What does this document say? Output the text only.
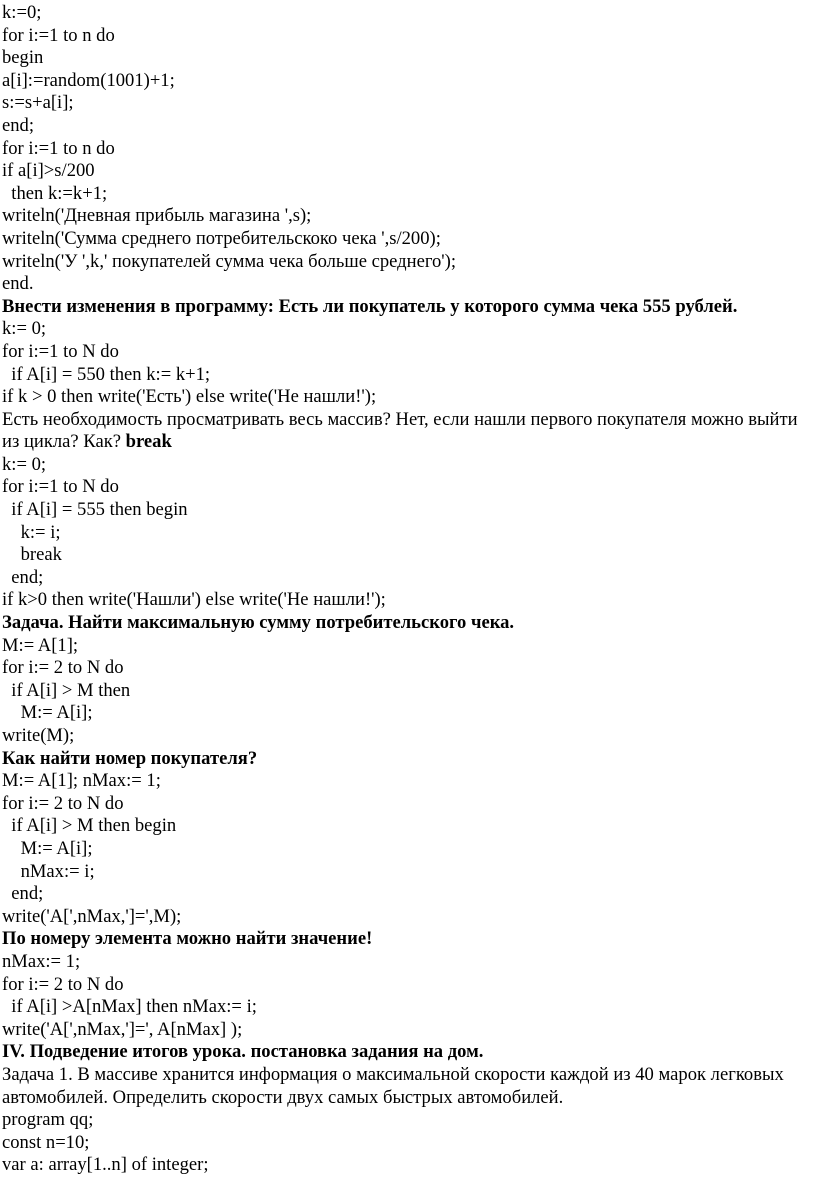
k:=0;
for i:=1 to n do
begin
a[i]:=random(1001)+1;
s:=s+a[i];
end;
for i:=1 to n do
if a[i]>s/200
then k:=k+1;
writeln('Дневная прибыль магазина ',s);
writeln('Сумма среднего потребительскоко чека ',s/200);
writeln('У ',k,' покупателей сумма чека больше среднего');
end.
Внести изменения в программу: Есть ли покупатель у которого сумма чека 555 рублей.
k:= 0;
for i:=1 to N do
if A[i] = 550 then k:= k+1;
if k > 0 then write('Есть') else write('Не нашли!');
Есть необходимость просматривать весь массив? Нет, если нашли первого покупателя можно выйти из цикла? Как? break
k:= 0;
for i:=1 to N do
if A[i] = 555 then begin
k:= i;
break
end;
if k>0 then write('Нашли') else write('Не нашли!');
Задача. Найти максимальную сумму потребительского чека.
M:= A[1];
for i:= 2 to N do
if A[i] > M then
M:= A[i];
write(M);
Как найти номер покупателя?
M:= A[1]; nMax:= 1;
for i:= 2 to N do
if A[i] > M then begin
M:= A[i];
nMax:= i;
end;
write('A[',nMax,']=',M);
По номеру элемента можно найти значение!
nMax:= 1;
for i:= 2 to N do
if A[i] >A[nMax] then nMax:= i;
write('A[',nMax,']=', A[nMax] );
IV. Подведение итогов урока. постановка задания на дом.
Задача 1. В массиве хранится информация о максимальной скорости каждой из 40 марок легковых автомобилей. Определить скорости двух самых быстрых автомобилей.
program qq;
const n=10;
var a: array[1..n] of integer;
